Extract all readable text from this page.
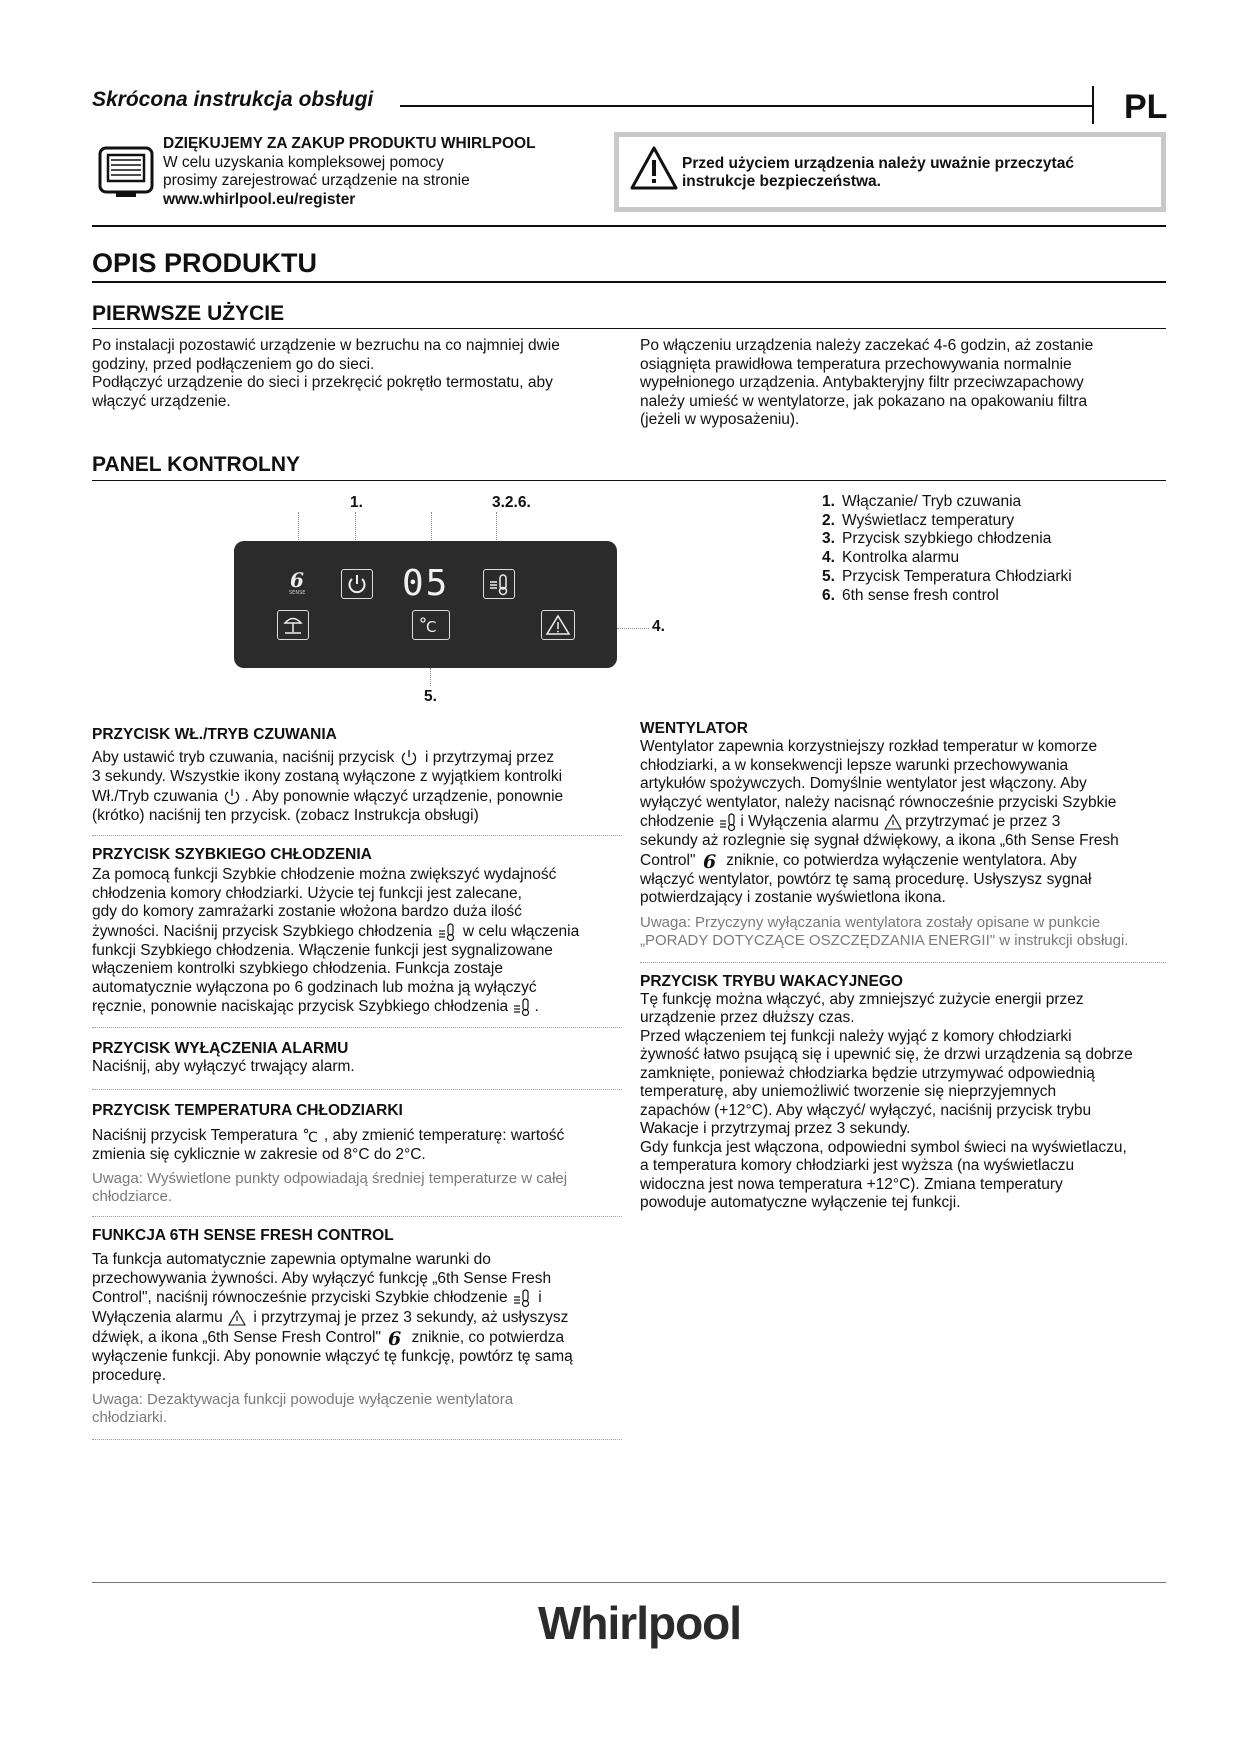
Skrócona instrukcja obsługi	PL
DZIĘKUJEMY ZA ZAKUP PRODUKTU WHIRLPOOL
W celu uzyskania kompleksowej pomocy
prosimy zarejestrować urządzenie na stronie
www.whirlpool.eu/register
Przed użyciem urządzenia należy uważnie przeczytać
instrukcje bezpieczeństwa.
OPIS PRODUKTU
PIERWSZE UŻYCIE
Po instalacji pozostawić urządzenie w bezruchu na co najmniej dwie
godziny, przed podłączeniem go do sieci.
Podłączyć urządzenie do sieci i przekręcić pokrętło termostatu, aby
włączyć urządzenie.
Po włączeniu urządzenia należy zaczekać 4-6 godzin, aż zostanie
osiągnięta prawidłowa temperatura przechowywania normalnie
wypełnionego urządzenia. Antybakteryjny filtr przeciwzapachowy
należy umieść w wentylatorze, jak pokazano na opakowaniu filtra
(jeżeli w wyposażeniu).
PANEL KONTROLNY
1.	3.2.6.
4.
5.
6
SENSE	05
C
1. Włączanie/ Tryb czuwania
2. Wyświetlacz temperatury
3. Przycisk szybkiego chłodzenia
4. Kontrolka alarmu
5. Przycisk Temperatura Chłodziarki
6. 6th sense fresh control
PRZYCISK WŁ./TRYB CZUWANIA
Aby ustawić tryb czuwania, naciśnij przycisk  i przytrzymaj przez
3 sekundy. Wszystkie ikony zostaną wyłączone z wyjątkiem kontrolki
Wł./Tryb czuwania . Aby ponownie włączyć urządzenie, ponownie
(krótko) naciśnij ten przycisk. (zobacz Instrukcja obsługi)
PRZYCISK SZYBKIEGO CHŁODZENIA
Za pomocą funkcji Szybkie chłodzenie można zwiększyć wydajność
chłodzenia komory chłodziarki. Użycie tej funkcji jest zalecane,
gdy do komory zamrażarki zostanie włożona bardzo duża ilość
żywności. Naciśnij przycisk Szybkiego chłodzenia  w celu włączenia
funkcji Szybkiego chłodzenia. Włączenie funkcji jest sygnalizowane
włączeniem kontrolki szybkiego chłodzenia. Funkcja zostaje
automatycznie wyłączona po 6 godzinach lub można ją wyłączyć
ręcznie, ponownie naciskając przycisk Szybkiego chłodzenia .
PRZYCISK WYŁĄCZENIA ALARMU
Naciśnij, aby wyłączyć trwający alarm.
PRZYCISK TEMPERATURA CHŁODZIARKI
Naciśnij przycisk Temperatura C , aby zmienić temperaturę: wartość
zmienia się cyklicznie w zakresie od 8°C do 2°C.
Uwaga: Wyświetlone punkty odpowiadają średniej temperaturze w całej
chłodziarce.
FUNKCJA 6TH SENSE FRESH CONTROL
Ta funkcja automatycznie zapewnia optymalne warunki do
przechowywania żywności. Aby wyłączyć funkcję „6th Sense Fresh
Control", naciśnij równocześnie przyciski Szybkie chłodzenie  i
Wyłączenia alarmu  i przytrzymaj je przez 3 sekundy, aż usłyszysz
dźwięk, a ikona „6th Sense Fresh Control" 6 zniknie, co potwierdza
wyłączenie funkcji. Aby ponownie włączyć tę funkcję, powtórz tę samą
procedurę.
Uwaga: Dezaktywacja funkcji powoduje wyłączenie wentylatora
chłodziarki.
WENTYLATOR
Wentylator zapewnia korzystniejszy rozkład temperatur w komorze
chłodziarki, a w konsekwencji lepsze warunki przechowywania
artykułów spożywczych. Domyślnie wentylator jest włączony. Aby
wyłączyć wentylator, należy nacisnąć równocześnie przyciski Szybkie
chłodzenie i Wyłączenia alarmu przytrzymać je przez 3
sekundy aż rozlegnie się sygnał dźwiękowy, a ikona „6th Sense Fresh
Control" 6 zniknie, co potwierdza wyłączenie wentylatora. Aby
włączyć wentylator, powtórz tę samą procedurę. Usłyszysz sygnał
potwierdzający i zostanie wyświetlona ikona.
Uwaga: Przyczyny wyłączania wentylatora zostały opisane w punkcie
„PORADY DOTYCZĄCE OSZCZĘDZANIA ENERGII" w instrukcji obsługi.
PRZYCISK TRYBU WAKACYJNEGO
Tę funkcję można włączyć, aby zmniejszyć zużycie energii przez
urządzenie przez dłuższy czas.
Przed włączeniem tej funkcji należy wyjąć z komory chłodziarki
żywność łatwo psującą się i upewnić się, że drzwi urządzenia są dobrze
zamknięte, ponieważ chłodziarka będzie utrzymywać odpowiednią
temperaturę, aby uniemożliwić tworzenie się nieprzyjemnych
zapachów (+12°C). Aby włączyć/ wyłączyć, naciśnij przycisk trybu
Wakacje i przytrzymaj przez 3 sekundy.
Gdy funkcja jest włączona, odpowiedni symbol świeci na wyświetlaczu,
a temperatura komory chłodziarki jest wyższa (na wyświetlaczu
widoczna jest nowa temperatura +12°C). Zmiana temperatury
powoduje automatyczne wyłączenie tej funkcji.
Whirlpool
